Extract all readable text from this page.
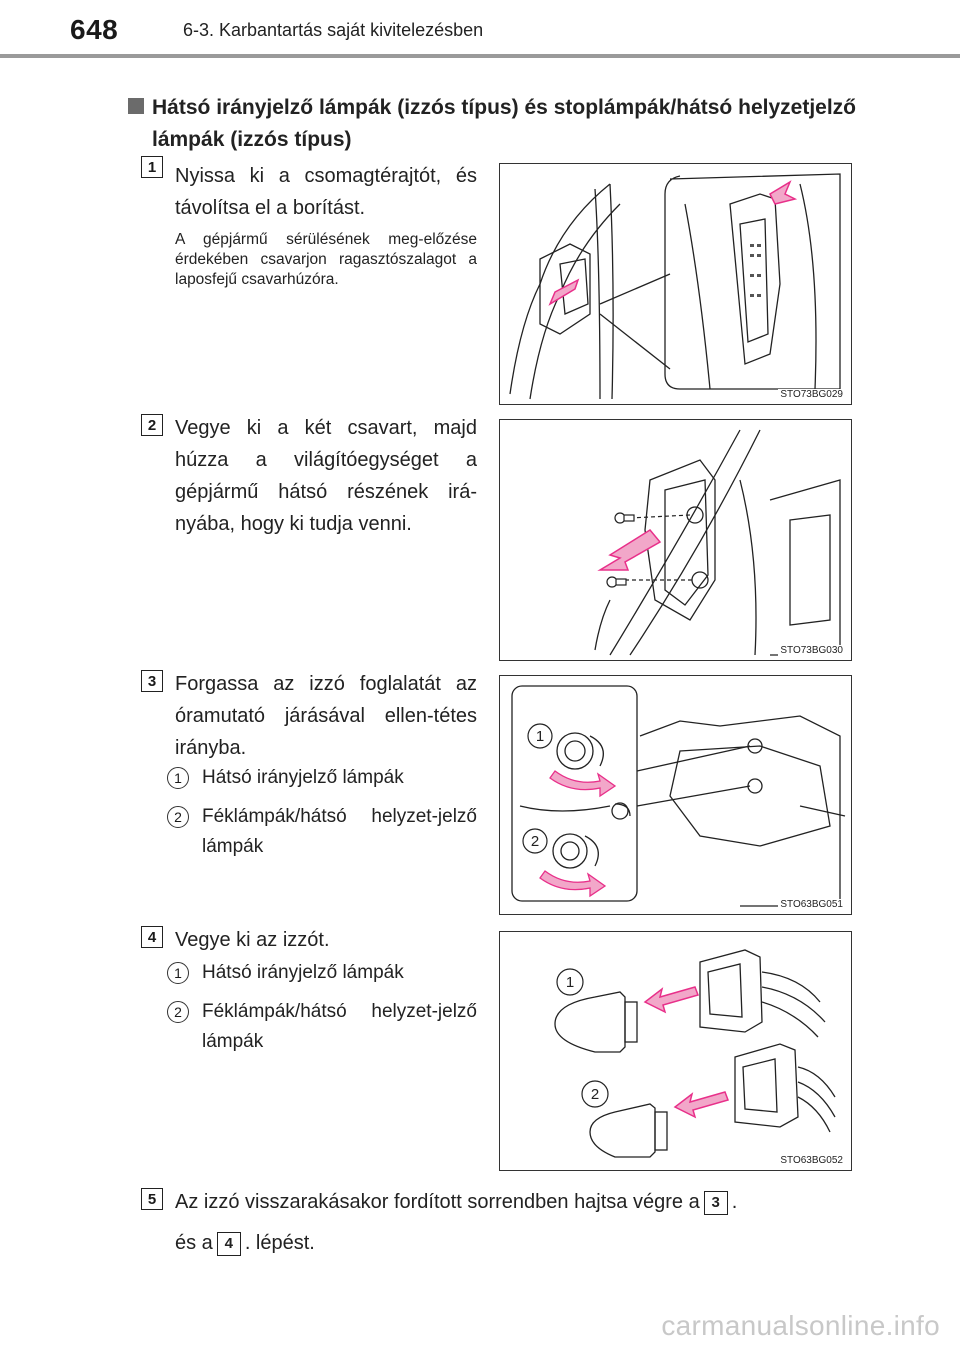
648	6-3. Karbantartás saját kivitelezésben
Hátsó irányjelző lámpák (izzós típus) és stoplámpák/hátsó helyzetjelző lámpák (izzós típus)
1 Nyissa ki a csomagtérajtót, és távolítsa el a borítást.
A gépjármű sérülésének meg-előzése érdekében csavarjon ragasztószalagot a laposfejű csavarhúzóra.
STO73BG029
2 Vegye ki a két csavart, majd húzza a világítóegységet a gépjármű hátsó részének irá-nyába, hogy ki tudja venni.
STO73BG030
3 Forgassa az izzó foglalatát az óramutató járásával ellen-tétes irányba.
1	Hátsó irányjelző lámpák
2	Féklámpák/hátsó helyzet-jelző lámpák
1
2
STO63BG051
4 Vegye ki az izzót.
1	Hátsó irányjelző lámpák
2	Féklámpák/hátsó helyzet-jelző lámpák
1
2
STO63BG052
5 Az izzó visszarakásakor fordított sorrendben hajtsa végre a 3 .
és a 4 . lépést.
carmanualsonline.info
